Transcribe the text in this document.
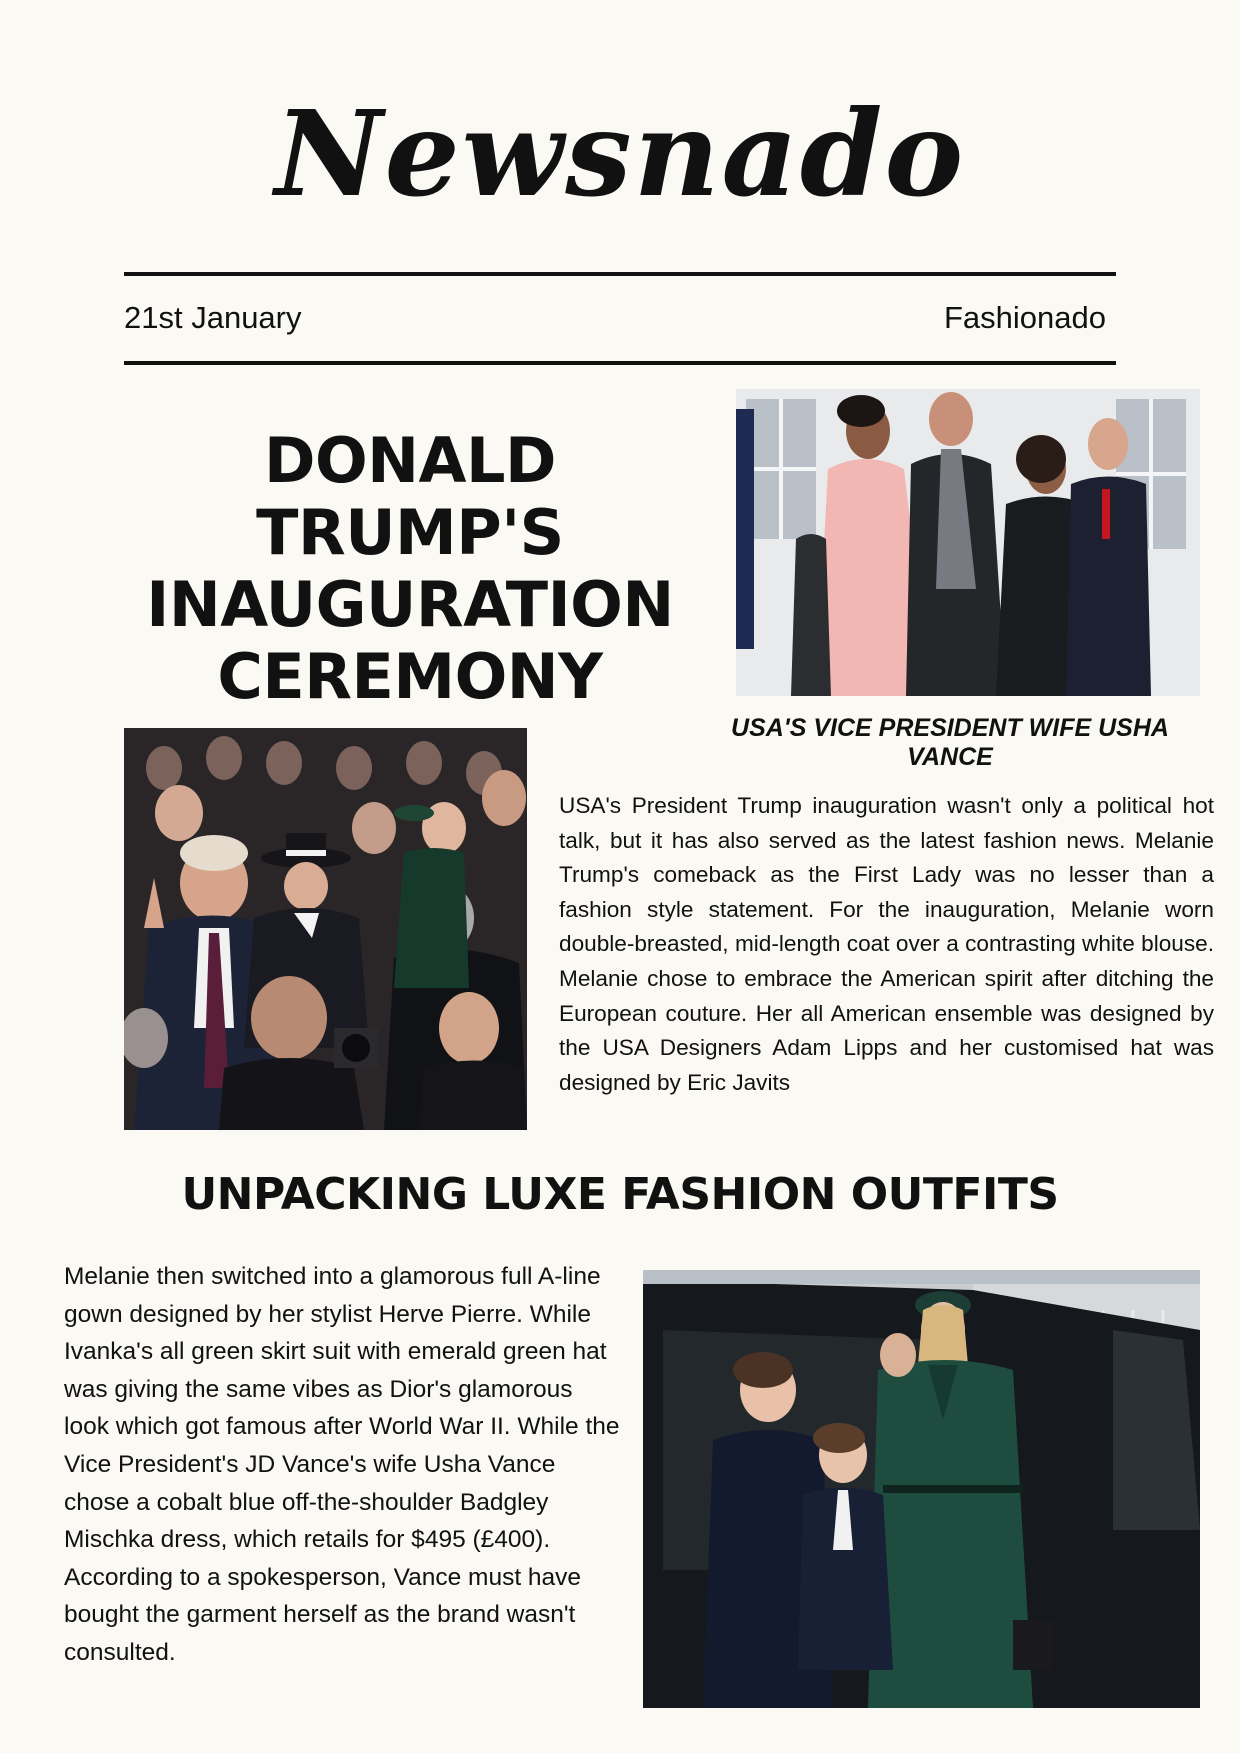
Newsnado
21st January	Fashionado
DONALD TRUMP'S
INAUGURATION
CEREMONY
USA'S VICE PRESIDENT WIFE USHA VANCE
USA's President Trump inauguration wasn't only a political hot talk, but it has also served as the latest fashion news. Melanie Trump's comeback as the First Lady was no lesser than a fashion style statement. For the inauguration, Melanie worn double-breasted, mid-length coat over a contrasting white blouse. Melanie chose to embrace the American spirit after ditching the European couture. Her all American ensemble was designed by the USA Designers Adam Lipps and her customised hat was designed by Eric Javits
UNPACKING LUXE FASHION OUTFITS
Melanie then switched into a glamorous full A-line gown designed by her stylist Herve Pierre. While Ivanka's all green skirt suit with emerald green hat was giving the same vibes as Dior's glamorous look which got famous after World War II. While the Vice President's JD Vance's wife Usha Vance chose a cobalt blue off-the-shoulder Badgley Mischka dress, which retails for $495 (£400). According to a spokesperson, Vance must have bought the garment herself as the brand wasn't consulted.
